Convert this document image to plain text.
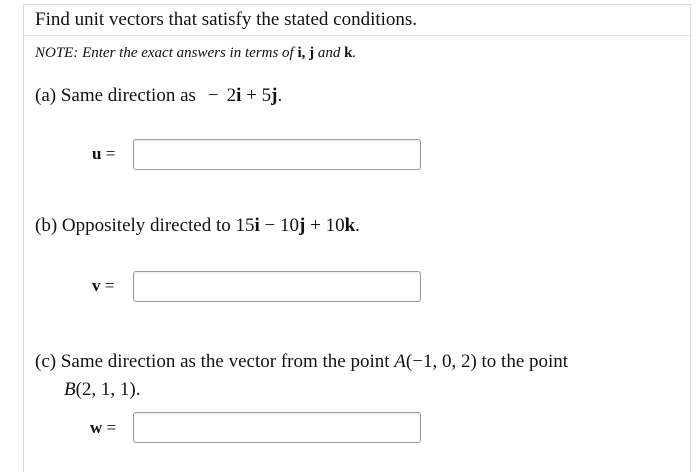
Find unit vectors that satisfy the stated conditions.
NOTE: Enter the exact answers in terms of i, j and k.
(a) Same direction as − 2i + 5j.
u =
(b) Oppositely directed to 15i − 10j + 10k.
v =
(c) Same direction as the vector from the point A(−1, 0, 2) to the point
B(2, 1, 1).
w =
